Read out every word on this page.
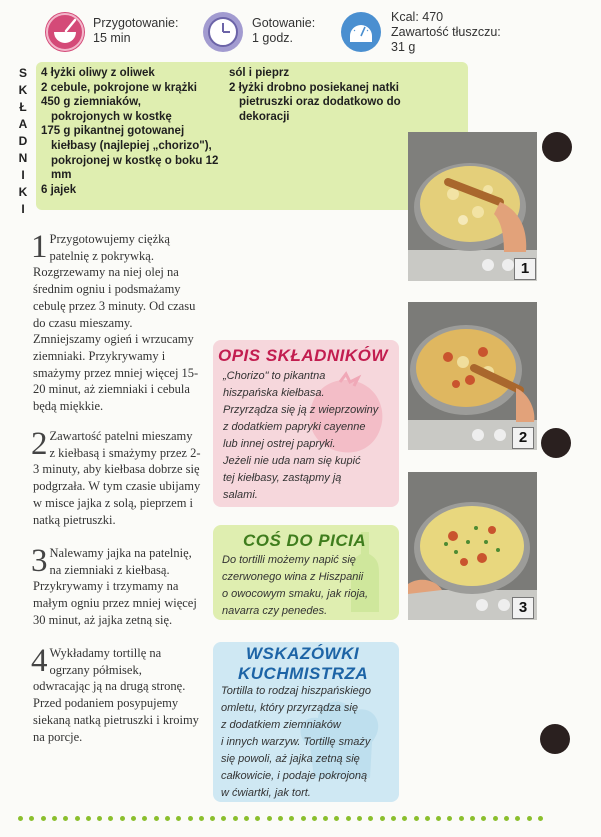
Przygotowanie:
15 min
Gotowanie:
1 godz.
Kcal: 470
Zawartość tłuszczu:
31 g
SKŁADNIKI 4 łyżki oliwy z oliwek
2 cebule, pokrojone w krążki
450 g ziemniaków, pokrojonych w kostkę
175 g pikantnej gotowanej kiełbasy (najlepiej „chorizo"), pokrojonej w kostkę o boku 12 mm
6 jajek
sól i pieprz
2 łyżki drobno posiekanej natki pietruszki oraz dodatkowo do dekoracji
1 Przygotowujemy ciężką patelnię z pokrywką. Rozgrzewamy na niej olej na średnim ogniu i podsmażamy cebulę przez 3 minuty. Od czasu do czasu mieszamy. Zmniejszamy ogień i wrzucamy ziemniaki. Przykrywamy i smażymy przez mniej więcej 15-20 minut, aż ziemniaki i cebula będą miękkie.
2 Zawartość patelni mieszamy z kiełbasą i smażymy przez 2-3 minuty, aby kiełbasa dobrze się podgrzała. W tym czasie ubijamy w misce jajka z solą, pieprzem i natką pietruszki.
3 Nalewamy jajka na patelnię, na ziemniaki z kiełbasą. Przykrywamy i trzymamy na małym ogniu przez mniej więcej 30 minut, aż jajka zetną się.
4 Wykładamy tortillę na ogrzany półmisek, odwracając ją na drugą stronę. Przed podaniem posypujemy siekaną natką pietruszki i kroimy na porcje.
OPIS SKŁADNIKÓW
„Chorizo" to pikantna
hiszpańska kiełbasa.
Przyrządza się ją z wieprzowiny
z dodatkiem papryki cayenne
lub innej ostrej papryki.
Jeżeli nie uda nam się kupić
tej kiełbasy, zastąpmy ją
salami.
COŚ DO PICIA
Do tortilli możemy napić się
czerwonego wina z Hiszpanii
o owocowym smaku, jak rioja,
navarra czy penedes.
WSKAZÓWKI
KUCHMISTRZA
Tortilla to rodzaj hiszpańskiego
omletu, który przyrządza się
z dodatkiem ziemniaków
i innych warzyw. Tortillę smaży
się powoli, aż jajka zetną się
całkowicie, i podaje pokrojoną
w ćwiartki, jak tort.
1
2
3
